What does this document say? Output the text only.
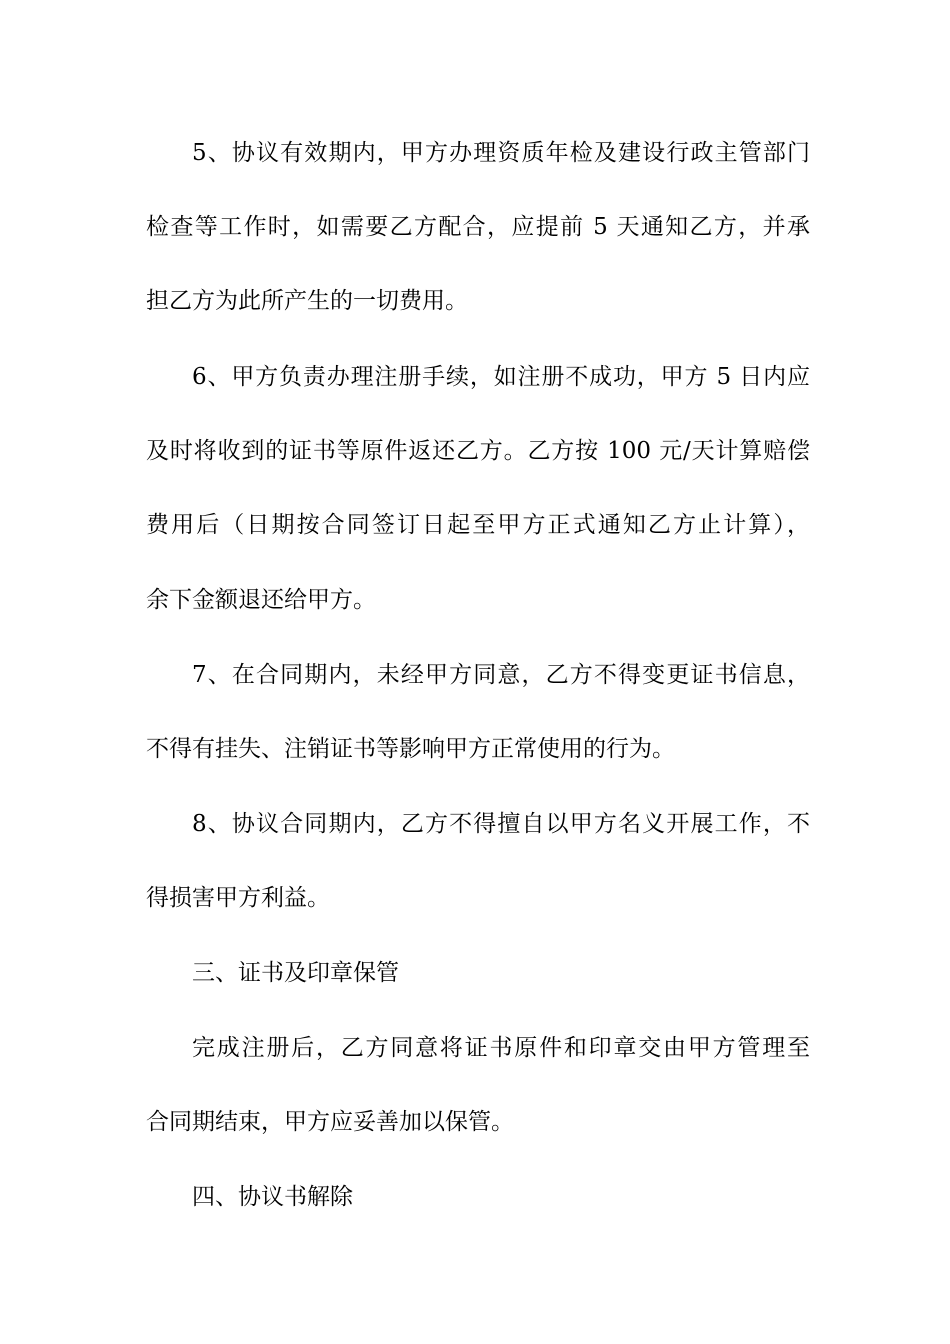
5、协议有效期内，甲方办理资质年检及建设行政主管部门
检查等工作时，如需要乙方配合，应提前 5 天通知乙方，并承
担乙方为此所产生的一切费用。
6、甲方负责办理注册手续，如注册不成功，甲方 5 日内应
及时将收到的证书等原件返还乙方。乙方按 100 元/天计算赔偿
费用后（日期按合同签订日起至甲方正式通知乙方止计算），
余下金额退还给甲方。
7、在合同期内，未经甲方同意，乙方不得变更证书信息，
不得有挂失、注销证书等影响甲方正常使用的行为。
8、协议合同期内，乙方不得擅自以甲方名义开展工作，不
得损害甲方利益。
三、证书及印章保管
完成注册后，乙方同意将证书原件和印章交由甲方管理至
合同期结束，甲方应妥善加以保管。
四、协议书解除
